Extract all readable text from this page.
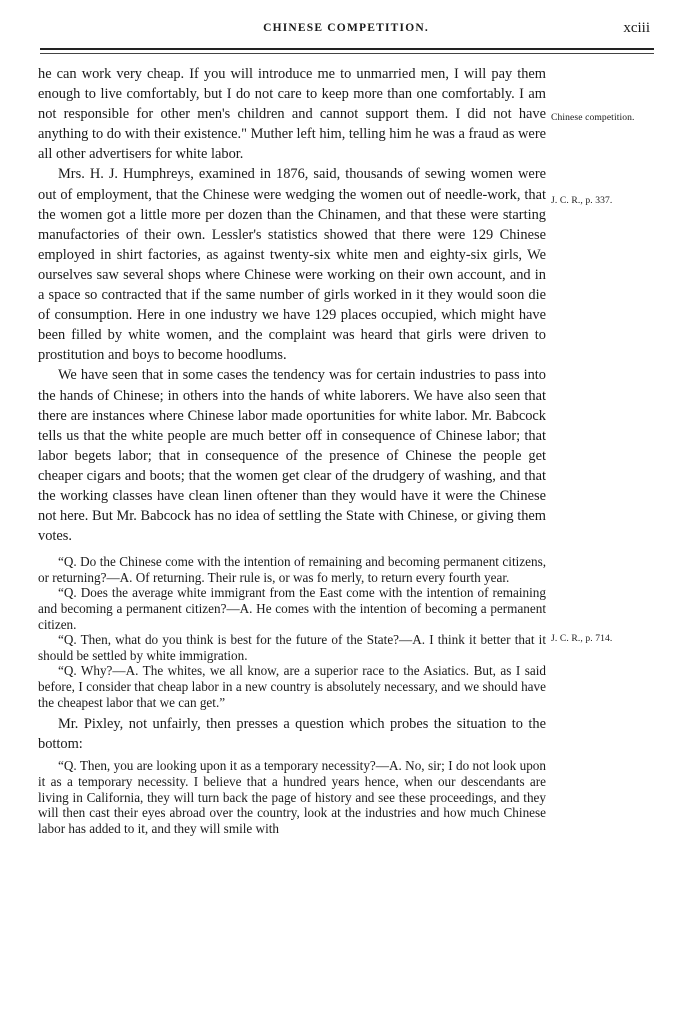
CHINESE COMPETITION.	xciii

he can work very cheap. If you will introduce me to unmarried men, I will pay them enough to live comfortably, but I do not care to keep more than one comfortably. I am not responsible for other men's children and cannot support them. I did not have anything to do with their existence." Muther left him, telling him he was a fraud as were all other advertisers for white labor.

Mrs. H. J. Humphreys, examined in 1876, said, thousands of sewing women were out of employment, that the Chinese were wedging the women out of needle-work, that the women got a little more per dozen than the Chinamen, and that these were starting manufactories of their own. Lessler's statistics showed that there were 129 Chinese employed in shirt factories, as against twenty-six white men and eighty-six girls, We ourselves saw several shops where Chinese were working on their own account, and in a space so contracted that if the same number of girls worked in it they would soon die of consumption. Here in one industry we have 129 places occupied, which might have been filled by white women, and the complaint was heard that girls were driven to prostitution and boys to become hoodlums.

We have seen that in some cases the tendency was for certain industries to pass into the hands of Chinese; in others into the hands of white laborers. We have also seen that there are instances where Chinese labor made oportunities for white labor. Mr. Babcock tells us that the white people are much better off in consequence of Chinese labor; that labor begets labor; that in consequence of the presence of Chinese the people get cheaper cigars and boots; that the women get clear of the drudgery of washing, and that the working classes have clean linen oftener than they would have it were the Chinese not here. But Mr. Babcock has no idea of settling the State with Chinese, or giving them votes.

“Q. Do the Chinese come with the intention of remaining and becoming permanent citizens, or returning?—A. Of returning. Their rule is, or was fo merly, to return every fourth year.

“Q. Does the average white immigrant from the East come with the intention of remaining and becoming a permanent citizen?—A. He comes with the intention of becoming a permanent citizen.

“Q. Then, what do you think is best for the future of the State?—A. I think it better that it should be settled by white immigration.

“Q. Why?—A. The whites, we all know, are a superior race to the Asiatics. But, as I said before, I consider that cheap labor in a new country is absolutely necessary, and we should have the cheapest labor that we can get.”

Mr. Pixley, not unfairly, then presses a question which probes the situation to the bottom:

“Q. Then, you are looking upon it as a temporary necessity?—A. No, sir; I do not look upon it as a temporary necessity. I believe that a hundred years hence, when our descendants are living in California, they will turn back the page of history and see these proceedings, and they will then cast their eyes abroad over the country, look at the industries and how much Chinese labor has added to it, and they will smile with

Chinese competition.
J. C. R., p. 337.
J. C. R., p. 714.
